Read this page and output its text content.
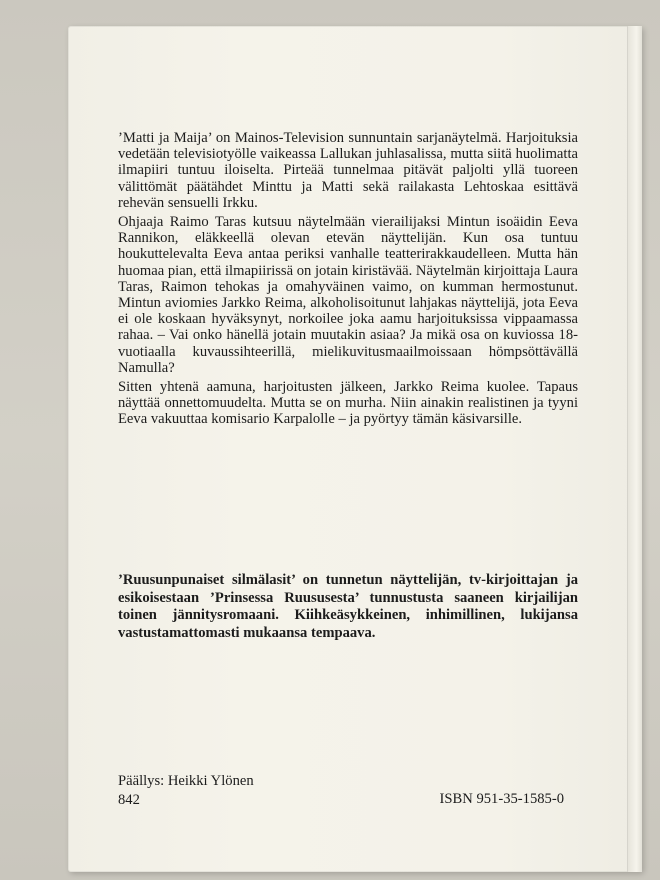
’Matti ja Maija’ on Mainos-Television sunnuntain sarjanäytelmä. Harjoituksia vedetään televisiotyölle vaikeassa Lallukan juhlasalissa, mutta siitä huolimatta ilmapiiri tuntuu iloiselta. Pirteää tunnelmaa pitävät paljolti yllä tuoreen välittömät päätähdet Minttu ja Matti sekä railakasta Lehtoskaa esittävä rehevän sensuelli Irkku.

Ohjaaja Raimo Taras kutsuu näytelmään vierailijaksi Mintun isoäidin Eeva Rannikon, eläkkeellä olevan etevän näyttelijän. Kun osa tuntuu houkuttelevalta Eeva antaa periksi vanhalle teatterirakkaudelleen. Mutta hän huomaa pian, että ilmapiirissä on jotain kiristävää. Näytelmän kirjoittaja Laura Taras, Raimon tehokas ja omahyväinen vaimo, on kumman hermostunut. Mintun aviomies Jarkko Reima, alkoholisoitunut lahjakas näyttelijä, jota Eeva ei ole koskaan hyväksynyt, norkoilee joka aamu harjoituksissa vippaamassa rahaa. – Vai onko hänellä jotain muutakin asiaa? Ja mikä osa on kuviossa 18-vuotiaalla kuvaussihteerillä, mielikuvitusmaailmoissaan hömpsöttävällä Namulla?

Sitten yhtenä aamuna, harjoitusten jälkeen, Jarkko Reima kuolee. Tapaus näyttää onnettomuudelta. Mutta se on murha. Niin ainakin realistinen ja tyyni Eeva vakuuttaa komisario Karpalolle – ja pyörtyy tämän käsivarsille.

’Ruusunpunaiset silmälasit’ on tunnetun näyttelijän, tv-kirjoittajan ja esikoisestaan ’Prinsessa Ruususesta’ tunnustusta saaneen kirjailijan toinen jännitysromaani. Kiihkeäsykkeinen, inhimillinen, lukijansa vastustamattomasti mukaansa tempaava.
Päällys: Heikki Ylönen
842	ISBN 951-35-1585-0
